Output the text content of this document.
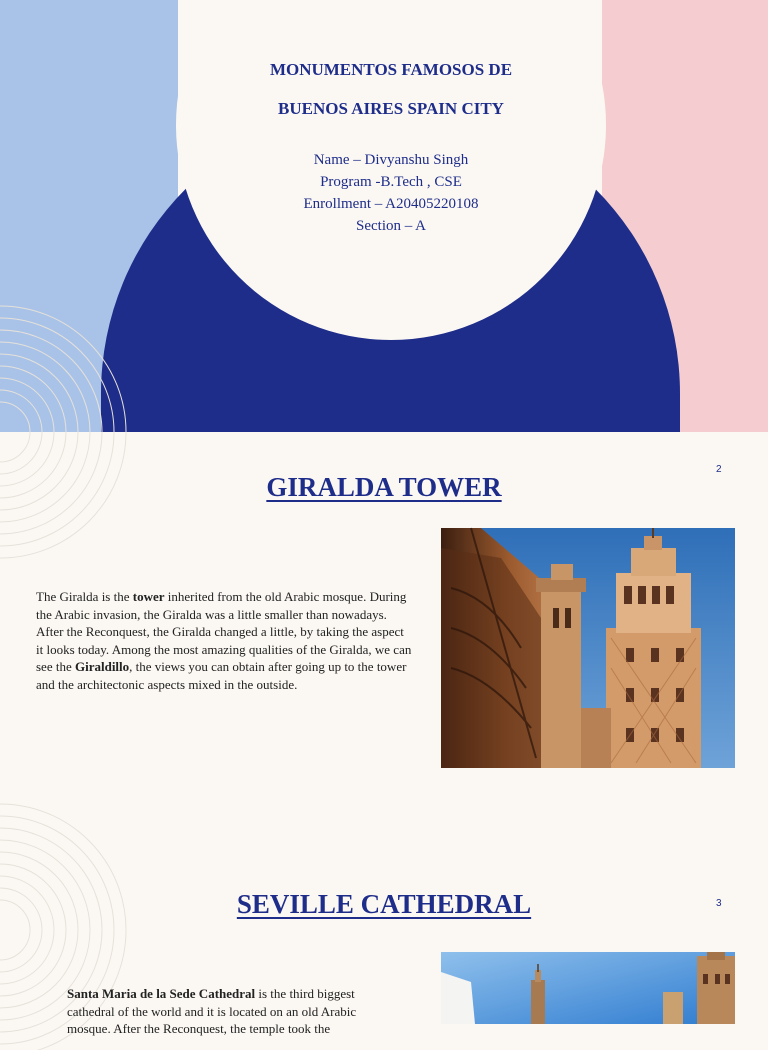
MONUMENTOS FAMOSOS DE
BUENOS AIRES SPAIN CITY
Name – Divyanshu Singh
Program -B.Tech , CSE
Enrollment – A20405220108
Section – A
GIRALDA TOWER
2

The Giralda is the tower inherited from the old Arabic mosque. During the Arabic invasion, the Giralda was a little smaller than nowadays. After the Reconquest, the Giralda changed a little, by taking the aspect it looks today. Among the most amazing qualities of the Giralda, we can see the Giraldillo, the views you can obtain after going up to the tower and the architectonic aspects mixed in the outside.

SEVILLE CATHEDRAL	3

Santa Maria de la Sede Cathedral is the third biggest cathedral of the world and it is located on an old Arabic mosque. After the Reconquest, the temple took the
